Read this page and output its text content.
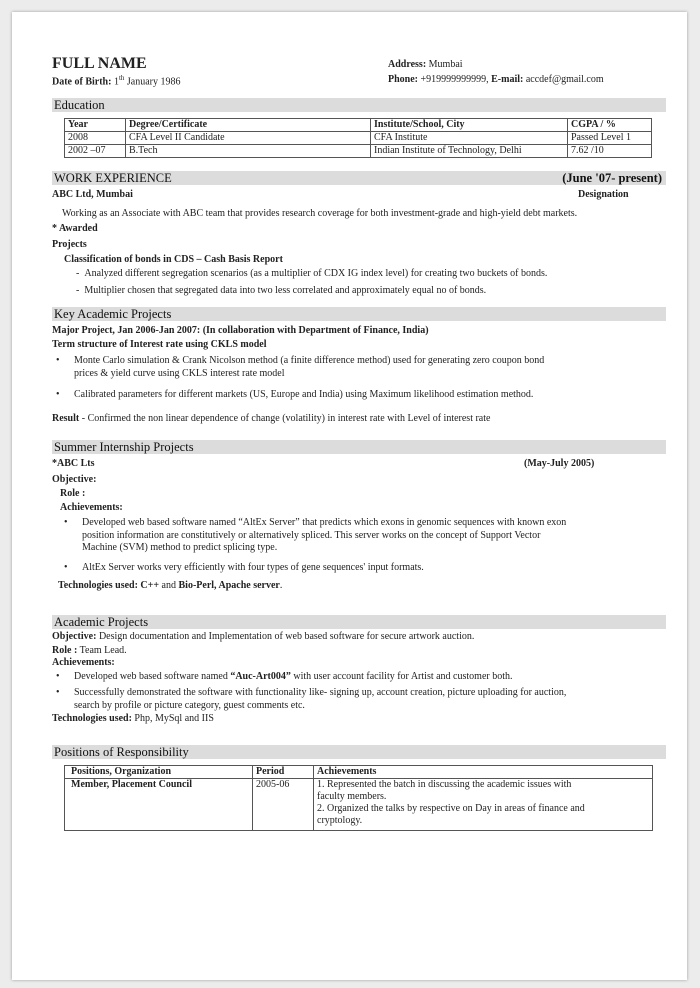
FULL NAME
Date of Birth: 1th January 1986
Address: Mumbai
Phone: +919999999999, E-mail: accdef@gmail.com
Education
Year	Degree/Certificate	Institute/School, City	CGPA / %
2008	CFA Level II Candidate	CFA Institute	Passed Level 1
2002 –07	B.Tech	Indian Institute of Technology, Delhi	7.62 /10
WORK EXPERIENCE	(June '07- present)
ABC Ltd, Mumbai	Designation
Working as an Associate with ABC team that provides research coverage for both investment-grade and high-yield debt markets.
* Awarded
Projects
Classification of bonds in CDS – Cash Basis Report
-  Analyzed different segregation scenarios (as a multiplier of CDX IG index level) for creating two buckets of bonds.
-  Multiplier chosen that segregated data into two less correlated and approximately equal no of bonds.
Key Academic Projects
Major Project, Jan 2006-Jan 2007: (In collaboration with Department of Finance, India)
Term structure of Interest rate using CKLS model
• Monte Carlo simulation & Crank Nicolson method (a finite difference method) used for generating zero coupon bond
prices & yield curve using CKLS interest rate model
• Calibrated parameters for different markets (US, Europe and India) using Maximum likelihood estimation method.
Result - Confirmed the non linear dependence of change (volatility) in interest rate with Level of interest rate
Summer Internship Projects
*ABC Lts	(May-July 2005)
Objective:
Role :
Achievements:
• Developed web based software named “AltEx Server” that predicts which exons in genomic sequences with known exon
position information are constitutively or alternatively spliced. This server works on the concept of Support Vector
Machine (SVM) method to predict splicing type.
• AltEx Server works very efficiently with four types of gene sequences' input formats.
Technologies used: C++ and Bio-Perl, Apache server.
Academic Projects
Objective: Design documentation and Implementation of web based software for secure artwork auction.
Role : Team Lead.
Achievements:
• Developed web based software named “Auc-Art004” with user account facility for Artist and customer both.
• Successfully demonstrated the software with functionality like- signing up, account creation, picture uploading for auction,
search by profile or picture category, guest comments etc.
Technologies used: Php, MySql and IIS
Positions of Responsibility
Positions, Organization	Period	Achievements
Member, Placement Council	2005-06	1. Represented the batch in discussing the academic issues with
faculty members.
2. Organized the talks by respective on Day in areas of finance and
cryptology.
